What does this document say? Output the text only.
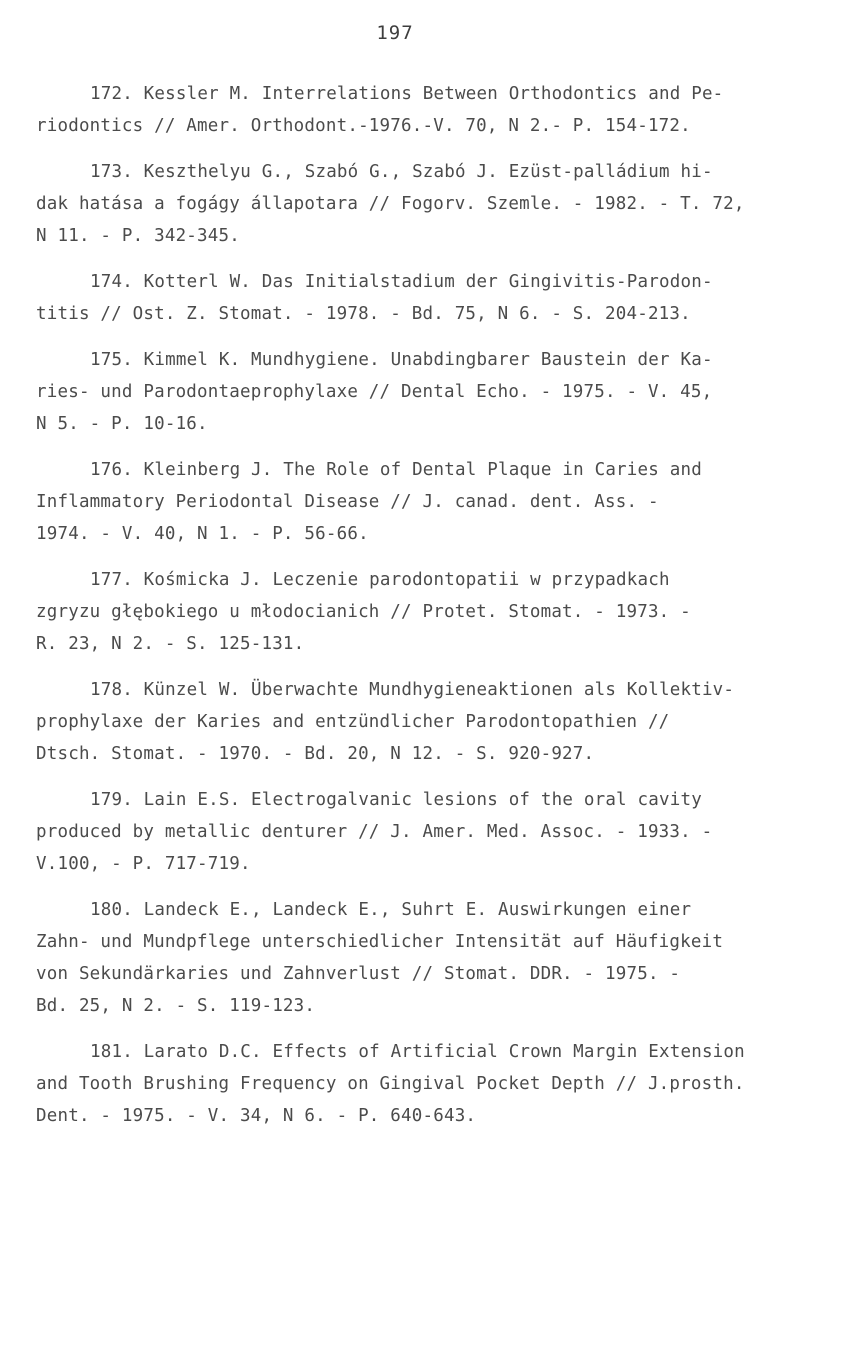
197
172. Kessler M. Interrelations Between Orthodontics and Pe-
riodontics // Amer. Orthodont.-1976.-V. 70, N 2.- P. 154-172.
173. Keszthelyu G., Szabó G., Szabó J. Ezüst-palládium hi-
dak hatása a fogágy állapotara // Fogorv. Szemle. - 1982. - T. 72,
N 11. - P. 342-345.
174. Kotterl W. Das Initialstadium der Gingivitis-Parodon-
titis // Ost. Z. Stomat. - 1978. - Bd. 75, N 6. - S. 204-213.
175. Kimmel K. Mundhygiene. Unabdingbarer Baustein der Ka-
ries- und Parodontaeprophylaxe // Dental Echo. - 1975. - V. 45,
N 5. - P. 10-16.
176. Kleinberg J. The Role of Dental Plaque in Caries and
Inflammatory Periodontal Disease // J. canad. dent. Ass. -
1974. - V. 40, N 1. - P. 56-66.
177. Kośmicka J. Leczenie parodontopatii w przypadkach
zgryzu głębokiego u młodocianich // Protet. Stomat. - 1973. -
R. 23, N 2. - S. 125-131.
178. Künzel W. Überwachte Mundhygieneaktionen als Kollektiv-
prophylaxe der Karies and entzündlicher Parodontopathien //
Dtsch. Stomat. - 1970. - Bd. 20, N 12. - S. 920-927.
179. Lain E.S. Electrogalvanic lesions of the oral cavity
produced by metallic denturer // J. Amer. Med. Assoc. - 1933. -
V.100, - P. 717-719.
180. Landeck E., Landeck E., Suhrt E. Auswirkungen einer
Zahn- und Mundpflege unterschiedlicher Intensität auf Häufigkeit
von Sekundärkaries und Zahnverlust // Stomat. DDR. - 1975. -
Bd. 25, N 2. - S. 119-123.
181. Larato D.C. Effects of Artificial Crown Margin Extension
and Tooth Brushing Frequency on Gingival Pocket Depth // J.prosth.
Dent. - 1975. - V. 34, N 6. - P. 640-643.
